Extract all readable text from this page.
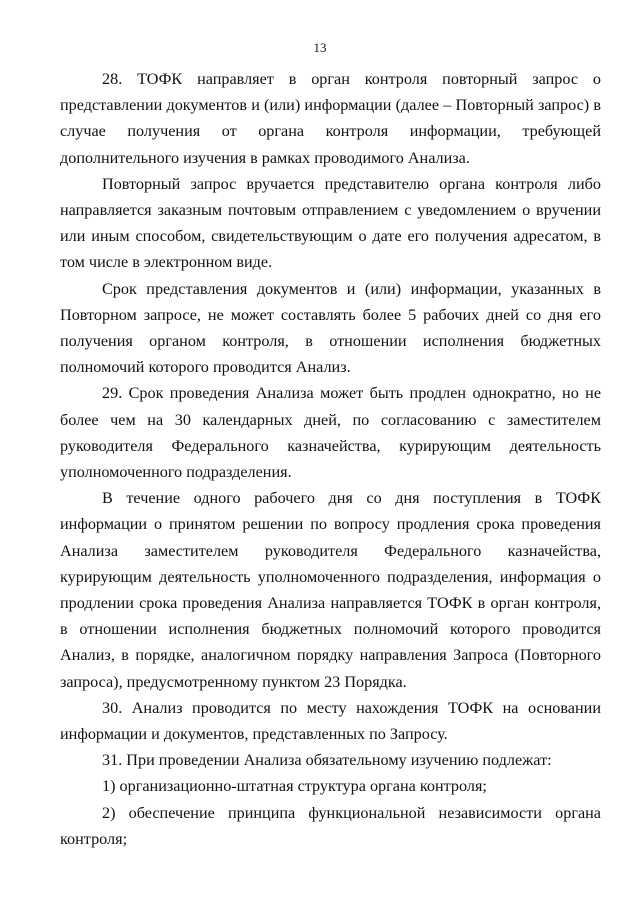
13

28. ТОФК направляет в орган контроля повторный запрос о представлении документов и (или) информации (далее – Повторный запрос) в случае получения от органа контроля информации, требующей дополнительного изучения в рамках проводимого Анализа.

Повторный запрос вручается представителю органа контроля либо направляется заказным почтовым отправлением с уведомлением о вручении или иным способом, свидетельствующим о дате его получения адресатом, в том числе в электронном виде.

Срок представления документов и (или) информации, указанных в Повторном запросе, не может составлять более 5 рабочих дней со дня его получения органом контроля, в отношении исполнения бюджетных полномочий которого проводится Анализ.

29. Срок проведения Анализа может быть продлен однократно, но не более чем на 30 календарных дней, по согласованию с заместителем руководителя Федерального казначейства, курирующим деятельность уполномоченного подразделения.

В течение одного рабочего дня со дня поступления в ТОФК информации о принятом решении по вопросу продления срока проведения Анализа заместителем руководителя Федерального казначейства, курирующим деятельность уполномоченного подразделения, информация о продлении срока проведения Анализа направляется ТОФК в орган контроля, в отношении исполнения бюджетных полномочий которого проводится Анализ, в порядке, аналогичном порядку направления Запроса (Повторного запроса), предусмотренному пунктом 23 Порядка.

30. Анализ проводится по месту нахождения ТОФК на основании информации и документов, представленных по Запросу.

31. При проведении Анализа обязательному изучению подлежат:

1) организационно-штатная структура органа контроля;

2) обеспечение принципа функциональной независимости органа контроля;
